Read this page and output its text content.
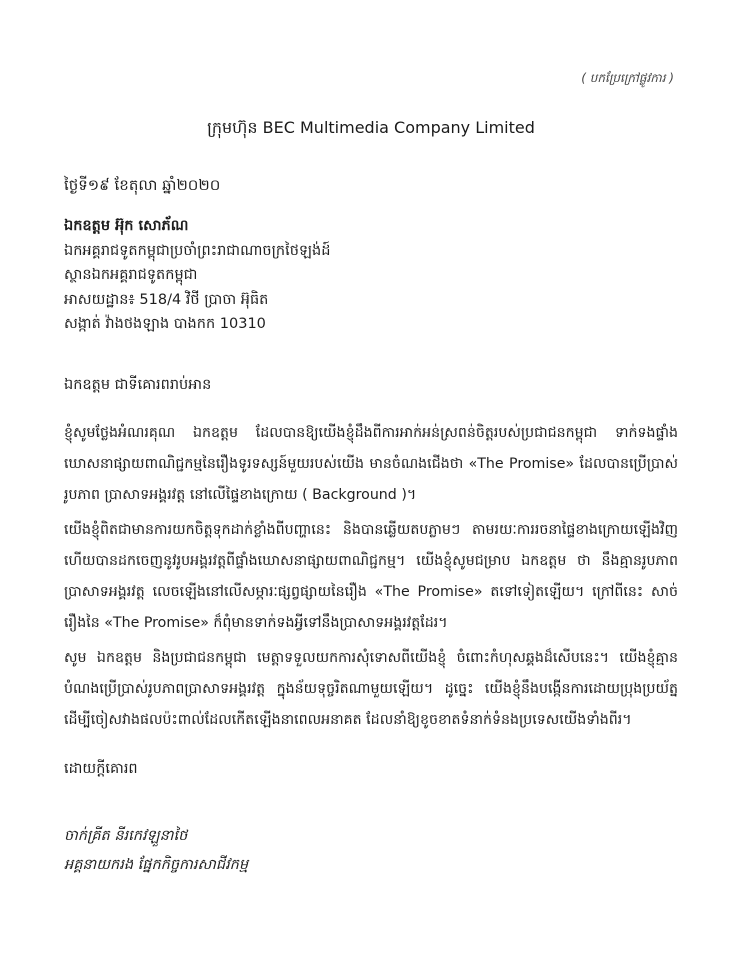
( បកប្រែក្រៅផ្លូវការ )
ក្រុមហ៊ុន BEC Multimedia Company Limited
ថ្ងៃទី១៩ ខែតុលា ឆ្នាំ២០២០
ឯកឧត្តម អ៊ុក សោភ័ណ
ឯកអគ្គរាជទូតកម្ពុជាប្រចាំព្រះរាជាណាចក្រថៃឡង់ដ៍
ស្ថានឯកអគ្គរាជទូតកម្ពុជា
អាសយដ្ឋាន៖ 518/4 វិថី ប្រាចា អ៊ុធិត
សង្កាត់ វ៉ាងថងឡាង បាងកក 10310
ឯកឧត្តម ជាទីគោរពរាប់អាន
ខ្ញុំសូមថ្លែងអំណរគុណ ឯកឧត្តម ដែលបានឱ្យយើងខ្ញុំដឹងពីការអាក់អន់ស្រពន់ចិត្តរបស់ប្រជាជនកម្ពុជា ទាក់ទងផ្ទាំងឃោសនាផ្សាយពាណិជ្ជកម្មនៃរឿងទូរទស្សន៍មួយរបស់យើង មានចំណងជើងថា «The Promise» ដែលបានប្រើប្រាស់រូបភាព ប្រាសាទអង្គរវត្ត នៅលើផ្ទៃខាងក្រោយ ( Background )។
យើងខ្ញុំពិតជាមានការយកចិត្តទុកដាក់ខ្លាំងពីបញ្ហានេះ និងបានឆ្លើយតបភ្លាមៗ តាមរយៈការរចនាផ្ទៃខាងក្រោយឡើងវិញ ហើយបានដកចេញនូវរូបអង្គរវត្តពីផ្ទាំងឃោសនាផ្សាយពាណិជ្ជកម្ម។ យើងខ្ញុំសូមជម្រាប ឯកឧត្តម ថា នឹងគ្មានរូបភាពប្រាសាទអង្គរវត្ត លេចឡើងនៅលើសម្ភារៈផ្សព្វផ្សាយនៃរឿង «The Promise» តទៅទៀតឡើយ។ ក្រៅពីនេះ សាច់រឿងនៃ «The Promise» ក៏ពុំមានទាក់ទងអ្វីទៅនឹងប្រាសាទអង្គរវត្តដែរ។
សូម ឯកឧត្តម និងប្រជាជនកម្ពុជា មេត្តាទទួលយកការសុំទោសពីយើងខ្ញុំ ចំពោះកំហុសឆ្គងដ៏សើបនេះ។ យើងខ្ញុំគ្មានបំណងប្រើប្រាស់រូបភាពប្រាសាទអង្គរវត្ត ក្នុងន័យទុច្ចរិតណាមួយឡើយ។ ដូច្នេះ យើងខ្ញុំនឹងបង្កើនការដោយប្រុងប្រយ័ត្ន ដើម្បីចៀសវាងផលប៉ះពាល់ដែលកើតឡើងនាពេលអនាគត ដែលនាំឱ្យខូចខាតទំនាក់ទំនងប្រទេសយើងទាំងពីរ។
ដោយក្តីគោរព
ចាក់គ្រីត នីរកេវឡួនាថៃ
អគ្គនាយករង ផ្នែកកិច្ចការសាជីវកម្ម
